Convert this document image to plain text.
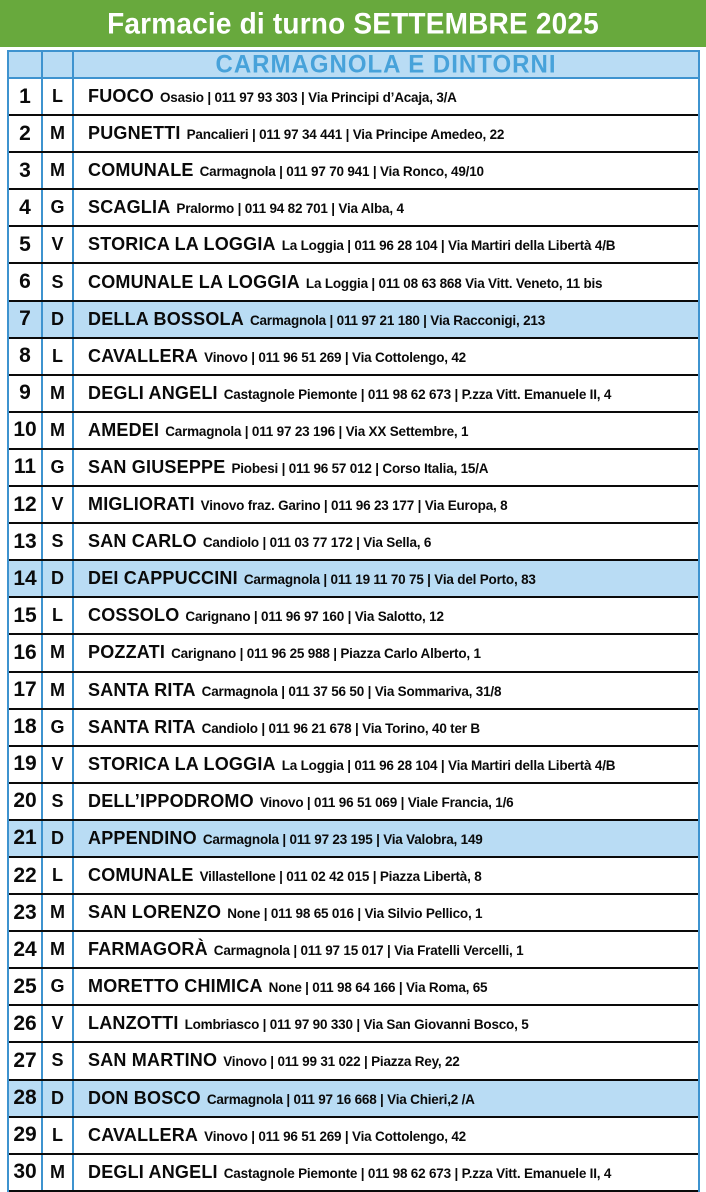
Farmacie di turno SETTEMBRE 2025
CARMAGNOLA E DINTORNI
1	L	FUOCO Osasio | 011 97 93 303 | Via Principi d’Acaja, 3/A
2	M	PUGNETTI Pancalieri | 011 97 34 441 | Via Principe Amedeo, 22
3	M	COMUNALE Carmagnola | 011 97 70 941 | Via Ronco, 49/10
4	G	SCAGLIA Pralormo | 011 94 82 701 | Via Alba, 4
5	V	STORICA LA LOGGIA La Loggia | 011 96 28 104 | Via Martiri della Libertà 4/B
6	S	COMUNALE LA LOGGIA La Loggia | 011 08 63 868 Via Vitt. Veneto, 11 bis
7	D	DELLA BOSSOLA Carmagnola | 011 97 21 180 | Via Racconigi, 213
8	L	CAVALLERA Vinovo | 011 96 51 269 | Via Cottolengo, 42
9	M	DEGLI ANGELI Castagnole Piemonte | 011 98 62 673 | P.zza Vitt. Emanuele II, 4
10 M	AMEDEI Carmagnola | 011 97 23 196 | Via XX Settembre, 1
11 G	SAN GIUSEPPE Piobesi | 011 96 57 012 | Corso Italia, 15/A
12 V	MIGLIORATI Vinovo fraz. Garino | 011 96 23 177 | Via Europa, 8
13 S	SAN CARLO Candiolo | 011 03 77 172 | Via Sella, 6
14 D	DEI CAPPUCCINI Carmagnola | 011 19 11 70 75 | Via del Porto, 83
15 L	COSSOLO Carignano | 011 96 97 160 | Via Salotto, 12
16 M	POZZATI Carignano | 011 96 25 988 | Piazza Carlo Alberto, 1
17 M	SANTA RITA Carmagnola | 011 37 56 50 | Via Sommariva, 31/8
18 G	SANTA RITA Candiolo | 011 96 21 678 | Via Torino, 40 ter B
19 V	STORICA LA LOGGIA La Loggia | 011 96 28 104 | Via Martiri della Libertà 4/B
20 S	DELL’IPPODROMO Vinovo | 011 96 51 069 | Viale Francia, 1/6
21 D	APPENDINO Carmagnola | 011 97 23 195 | Via Valobra, 149
22 L	COMUNALE Villastellone | 011 02 42 015 | Piazza Libertà, 8
23 M	SAN LORENZO None | 011 98 65 016 | Via Silvio Pellico, 1
24 M	FARMAGORÀ Carmagnola | 011 97 15 017 | Via Fratelli Vercelli, 1
25 G	MORETTO CHIMICA None | 011 98 64 166 | Via Roma, 65
26 V	LANZOTTI Lombriasco | 011 97 90 330 | Via San Giovanni Bosco, 5
27 S	SAN MARTINO Vinovo | 011 99 31 022 | Piazza Rey, 22
28 D	DON BOSCO Carmagnola | 011 97 16 668 | Via Chieri,2 /A
29 L	CAVALLERA Vinovo | 011 96 51 269 | Via Cottolengo, 42
30 M	DEGLI ANGELI Castagnole Piemonte | 011 98 62 673 | P.zza Vitt. Emanuele II, 4
